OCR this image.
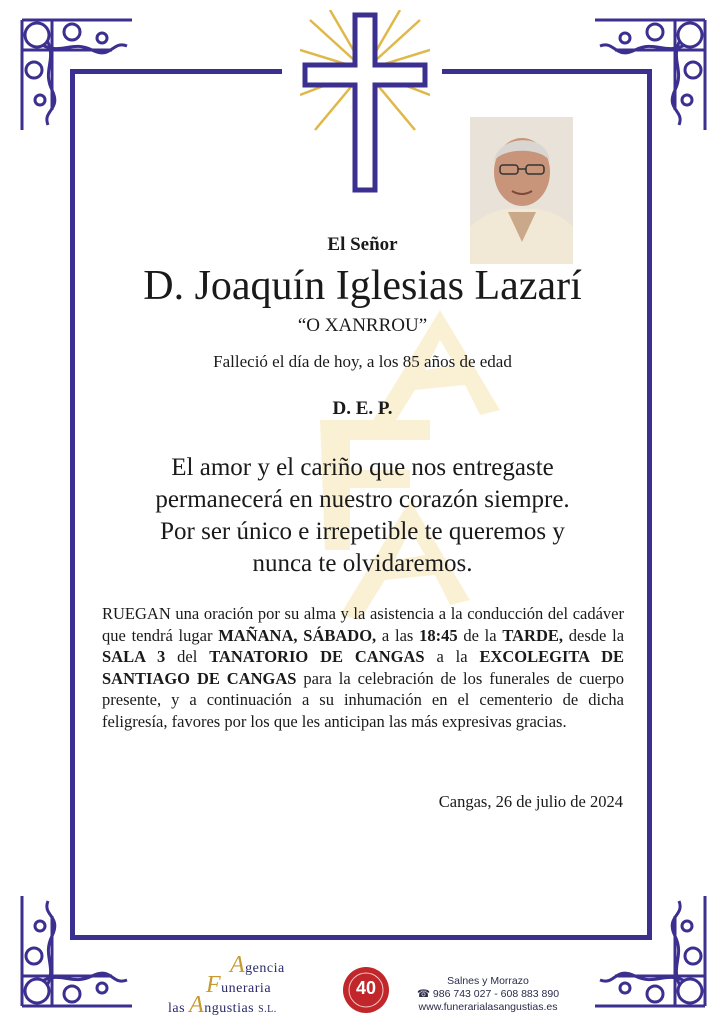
El Señor
D. Joaquín Iglesias Lazarí
“O XANRROU”
Falleció el día de hoy, a los 85 años de edad
D. E. P.
El amor y el cariño que nos entregaste
permanecerá en nuestro corazón siempre.
Por ser único e irrepetible te queremos y
nunca te olvidaremos.
RUEGAN una oración por su alma y la asistencia a la conducción del cadáver que tendrá lugar MAÑANA, SÁBADO, a las 18:45 de la TARDE, desde la SALA 3 del TANATORIO DE CANGAS a la EXCOLEGITA DE SANTIAGO DE CANGAS para la celebración de los funerales de cuerpo presente, y a continuación a su inhumación en el cementerio de dicha feligresía, favores por los que les anticipan las más expresivas gracias.
Cangas, 26 de julio de 2024
Agencia
Funeraria
las Angustias S.L.
40	Salnes y Morrazo
☎ 986 743 027 - 608 883 890
www.funerarialasangustias.es
